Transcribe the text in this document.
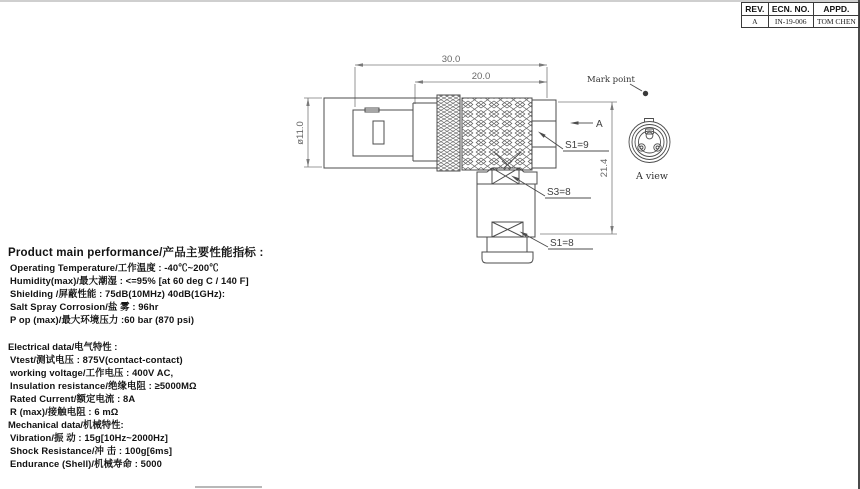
30.0
20.0
ø11.0
21.4
S1=9
S3=8
S1=8
A
Mark point
A view
REV.	ECN. NO.	APPD.
A	IN-19-006	TOM CHEN
Product main performance/产品主要性能指标 :
Operating Temperature/工作温度 : -40℃~200℃
Humidity(max)/最大潮湿 : <=95% [at 60 deg C / 140 F]
Shielding /屏蔽性能 : 75dB(10MHz) 40dB(1GHz):
Salt Spray Corrosion/盐 雾 : 96hr
P op (max)/最大环境压力 :60 bar (870 psi)
Electrical data/电气特性 :
Vtest/测试电压 : 875V(contact-contact)
working voltage/工作电压 : 400V AC,
Insulation resistance/绝缘电阻 : ≥5000MΩ
Rated Current/额定电流 : 8A
R (max)/接触电阻 : 6 mΩ
Mechanical data/机械特性:
Vibration/振 动 : 15g[10Hz~2000Hz]
Shock Resistance/冲 击 : 100g[6ms]
Endurance (Shell)/机械寿命 : 5000
